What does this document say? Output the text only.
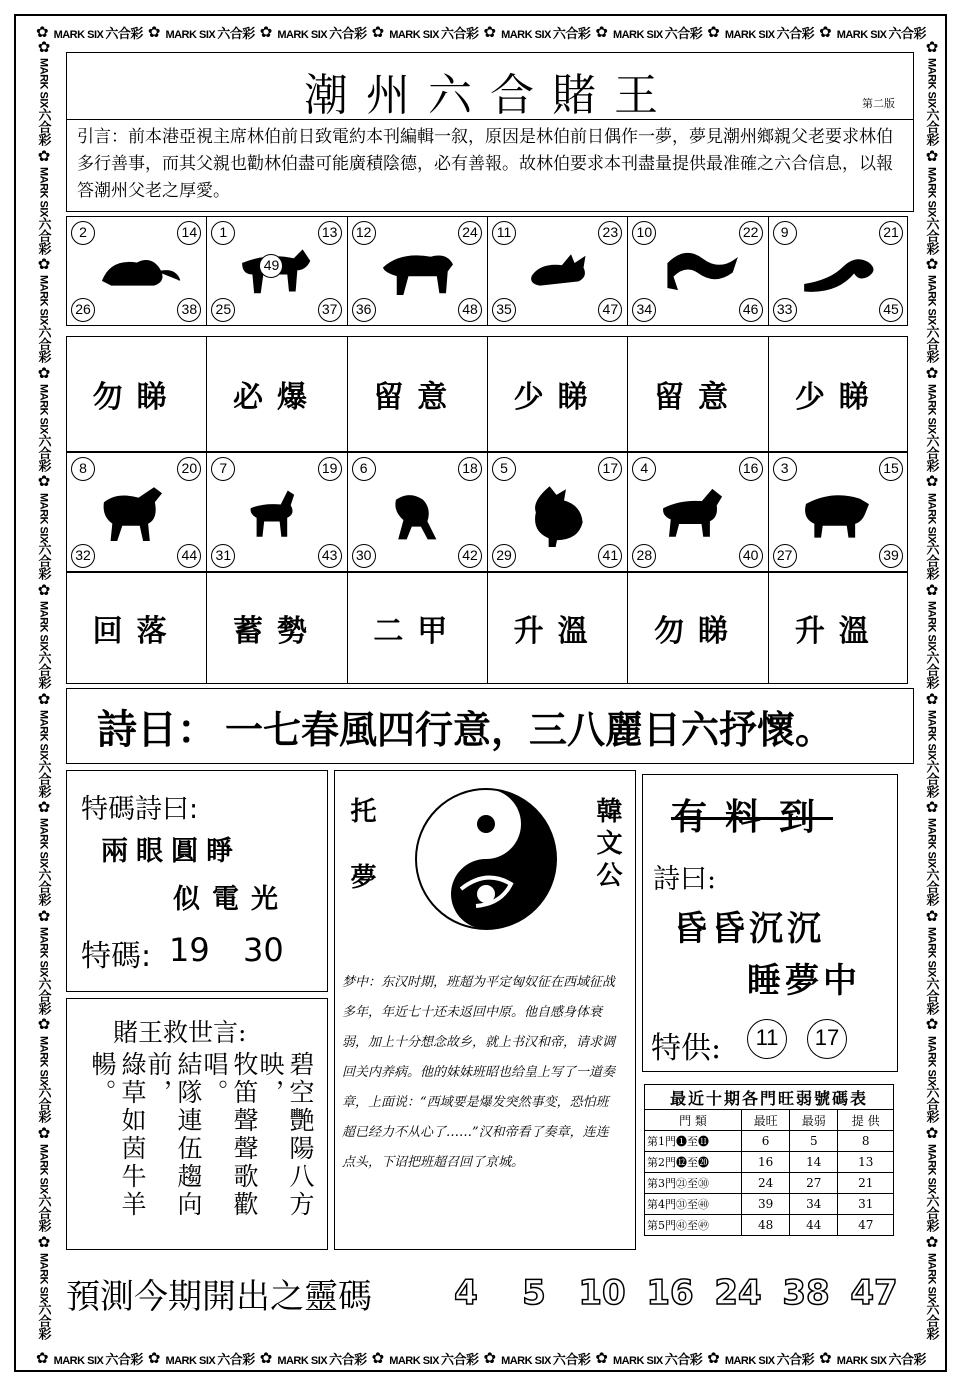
✿ MARK SIX 六合彩 ✿ MARK SIX 六合彩 ✿ MARK SIX 六合彩 ✿ MARK SIX 六合彩 ✿ MARK SIX 六合彩 ✿ MARK SIX 六合彩 ✿ MARK SIX 六合彩 ✿ MARK SIX 六合彩
✿ MARK SIX 六合彩 ✿ MARK SIX 六合彩 ✿ MARK SIX 六合彩 ✿ MARK SIX 六合彩 ✿ MARK SIX 六合彩 ✿ MARK SIX 六合彩 ✿ MARK SIX 六合彩 ✿ MARK SIX 六合彩
✿
MARK SIX六合彩
✿
MARK SIX六合彩
✿
MARK SIX六合彩
✿
MARK SIX六合彩
✿
MARK SIX六合彩
✿
MARK SIX六合彩
✿
MARK SIX六合彩
✿
MARK SIX六合彩
✿
MARK SIX六合彩
✿
MARK SIX六合彩
✿
MARK SIX六合彩
✿
MARK SIX六合彩
✿
MARK SIX六合彩
✿
MARK SIX六合彩
✿
MARK SIX六合彩
✿
MARK SIX六合彩
✿
MARK SIX六合彩
✿
MARK SIX六合彩
✿
MARK SIX六合彩
✿
MARK SIX六合彩
✿
MARK SIX六合彩
✿
MARK SIX六合彩
✿
MARK SIX六合彩
✿
MARK SIX六合彩
潮州六合賭王	第二版
引言：前本港亞視主席林伯前日致電約本刊編輯一叙，原因是林伯前日偶作一夢，夢見潮州鄉親父老要求林伯多行善事，而其父親也勸林伯盡可能廣積陰德，必有善報。故林伯要求本刊盡量提供最准確之六合信息，以報答潮州父老之厚愛。
2	14
26	38
1	13
25	37
49
12	24
36	48
11	23
35	47
10	22
34	46
9	21
33	45
勿睇	必爆	留意	少睇	留意	少睇
8	20
32	44
7	19
31	43
6	18
30	42
5	17
29	41
4	16
28	40
3	15
27	39
回落	蓄勢	二甲	升溫	勿睇	升溫
詩日 ： 一七春風四行意，三八麗日六抒懷。
特碼詩曰:
兩眼圓睜
似電光
特碼: 19 30
賭王救世言:
碧空艷陽八方映，
牧笛聲聲歌歡唱。
結隊連伍趨向前，
綠草如茵牛羊暢。
托夢	韓文公
梦中：东汉时期，班超为平定匈奴征在西域征战多年，年近七十还未返回中原。他自感身体衰弱，加上十分想念故乡，就上书汉和帝，请求调回关内养病。他的妹妹班昭也给皇上写了一道奏章，上面说：“西域要是爆发突然事变，恐怕班超已经力不从心了……”汉和帝看了奏章，连连点头，下诏把班超召回了京城。
有料到
詩曰:
昏昏沉沉
睡夢中
特供:	11	17
最近十期各門旺弱號碼表			
門 類	最旺	最弱	提 供
第1門❶至⓫	6	5	8
第2門⓬至⓴	16	14	13
第3門㉑至㉚	24	27	21
第4門㉛至㊵	39	34	31
第5門㊶至㊾	48	44	47
預測今期開出之靈碼	4	5 10 16 24 38 47
